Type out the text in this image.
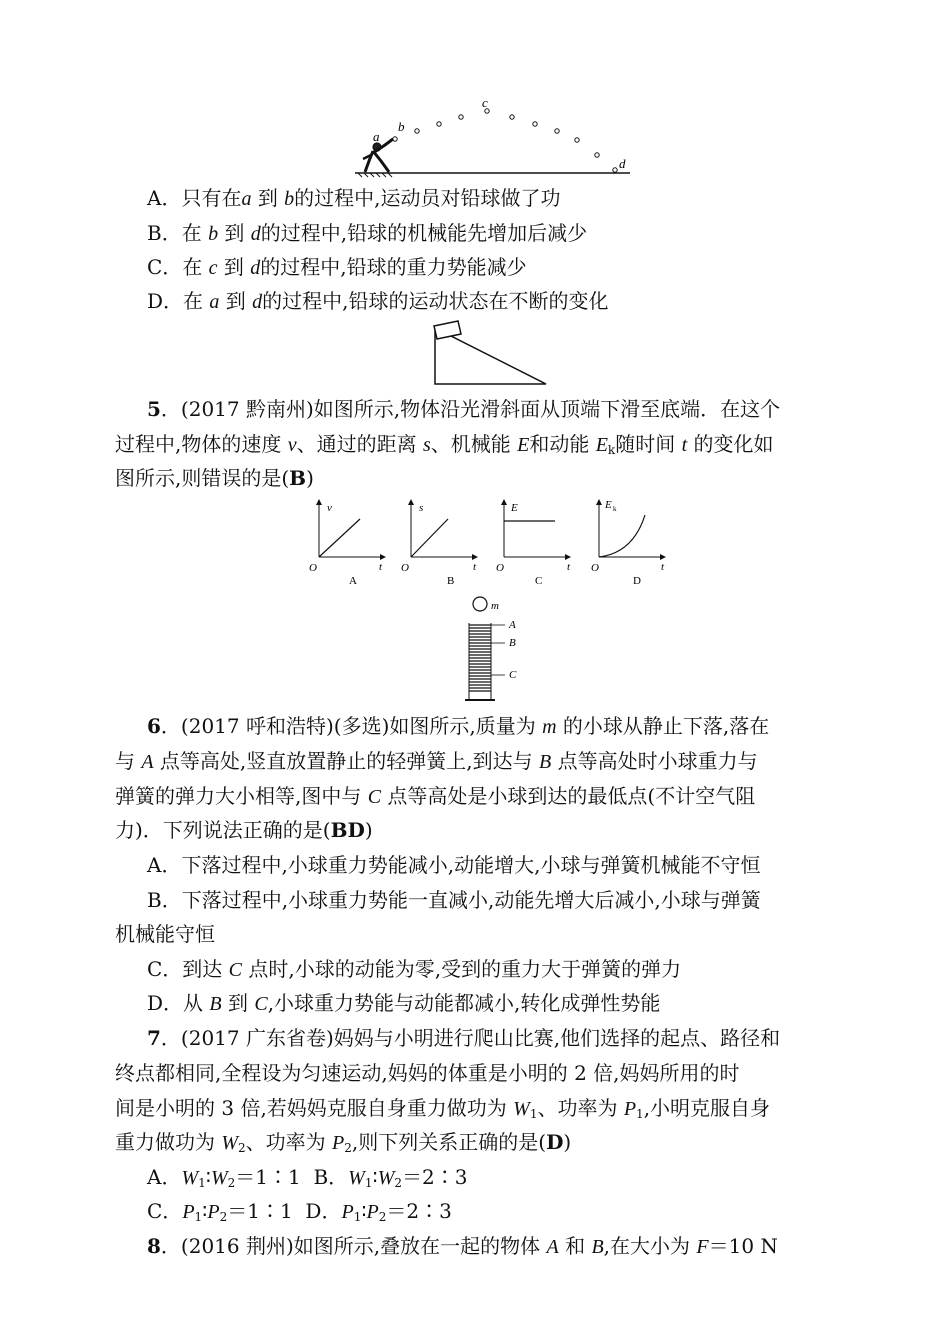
a
b
c
d
A．只有在a 到 b的过程中,运动员对铅球做了功
B．在 b 到 d的过程中,铅球的机械能先增加后减少
C．在 c 到 d的过程中,铅球的重力势能减少
D．在 a 到 d的过程中,铅球的运动状态在不断的变化
5．(2017 黔南州)如图所示,物体沿光滑斜面从顶端下滑至底端．在这个
过程中,物体的速度 v、通过的距离 s、机械能 E和动能 $E_k$随时间 t 的变化如
图所示,则错误的是(B)
v
t
O
A
s
t
O
B
E
t
O
C
E k
t
O
D
m
A
B
C
6．(2017 呼和浩特)(多选)如图所示,质量为 m 的小球从静止下落,落在
与 A 点等高处,竖直放置静止的轻弹簧上,到达与 B 点等高处时小球重力与
弹簧的弹力大小相等,图中与 C 点等高处是小球到达的最低点(不计空气阻
力)．下列说法正确的是(BD)
A．下落过程中,小球重力势能减小,动能增大,小球与弹簧机械能不守恒
B．下落过程中,小球重力势能一直减小,动能先增大后减小,小球与弹簧
机械能守恒
C．到达 C 点时,小球的动能为零,受到的重力大于弹簧的弹力
D．从 B 到 C,小球重力势能与动能都减小,转化成弹性势能
7．(2017 广东省卷)妈妈与小明进行爬山比赛,他们选择的起点、路径和
终点都相同,全程设为匀速运动,妈妈的体重是小明的 2 倍,妈妈所用的时
间是小明的 3 倍,若妈妈克服自身重力做功为 $W_1$、功率为 $P_1$,小明克服自身
重力做功为 $W_2$、功率为 $P_2$,则下列关系正确的是(D)
A．$W_1∶W_2=1∶1$ B．$W_1∶W_2=2∶3$
C．$P_1∶P_2=1∶1$ D．$P_1∶P_2=2∶3$
8．(2016 荆州)如图所示,叠放在一起的物体 A 和 B,在大小为 F＝10 N
